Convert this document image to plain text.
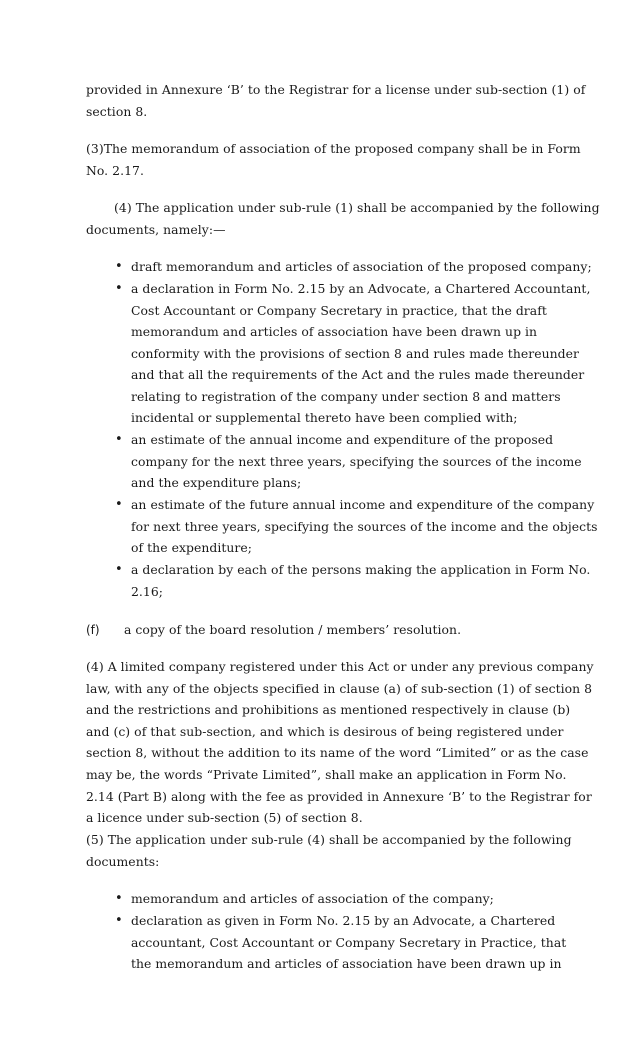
provided in Annexure ‘B’ to the Registrar for a license under sub-section (1) of
section 8.
(3)The memorandum of association of the proposed company shall be in Form
No. 2.17.
(4) The application under sub-rule (1) shall be accompanied by the following
documents, namely:—
• draft memorandum and articles of association of the proposed company;
• a declaration in Form No. 2.15 by an Advocate, a Chartered Accountant,
Cost Accountant or Company Secretary in practice, that the draft
memorandum and articles of association have been drawn up in
conformity with the provisions of section 8 and rules made thereunder
and that all the requirements of the Act and the rules made thereunder
relating to registration of the company under section 8 and matters
incidental or supplemental thereto have been complied with;
• an estimate of the annual income and expenditure of the proposed
company for the next three years, specifying the sources of the income
and the expenditure plans;
• an estimate of the future annual income and expenditure of the company
for next three years, specifying the sources of the income and the objects
of the expenditure;
• a declaration by each of the persons making the application in Form No.
2.16;
(f) a copy of the board resolution / members’ resolution.
(4) A limited company registered under this Act or under any previous company
law, with any of the objects specified in clause (a) of sub-section (1) of section 8
and the restrictions and prohibitions as mentioned respectively in clause (b)
and (c) of that sub-section, and which is desirous of being registered under
section 8, without the addition to its name of the word “Limited” or as the case
may be, the words “Private Limited”, shall make an application in Form No.
2.14 (Part B) along with the fee as provided in Annexure ‘B’ to the Registrar for
a licence under sub-section (5) of section 8.
(5) The application under sub-rule (4) shall be accompanied by the following
documents:
• memorandum and articles of association of the company;
• declaration as given in Form No. 2.15 by an Advocate, a Chartered
accountant, Cost Accountant or Company Secretary in Practice, that
the memorandum and articles of association have been drawn up in
